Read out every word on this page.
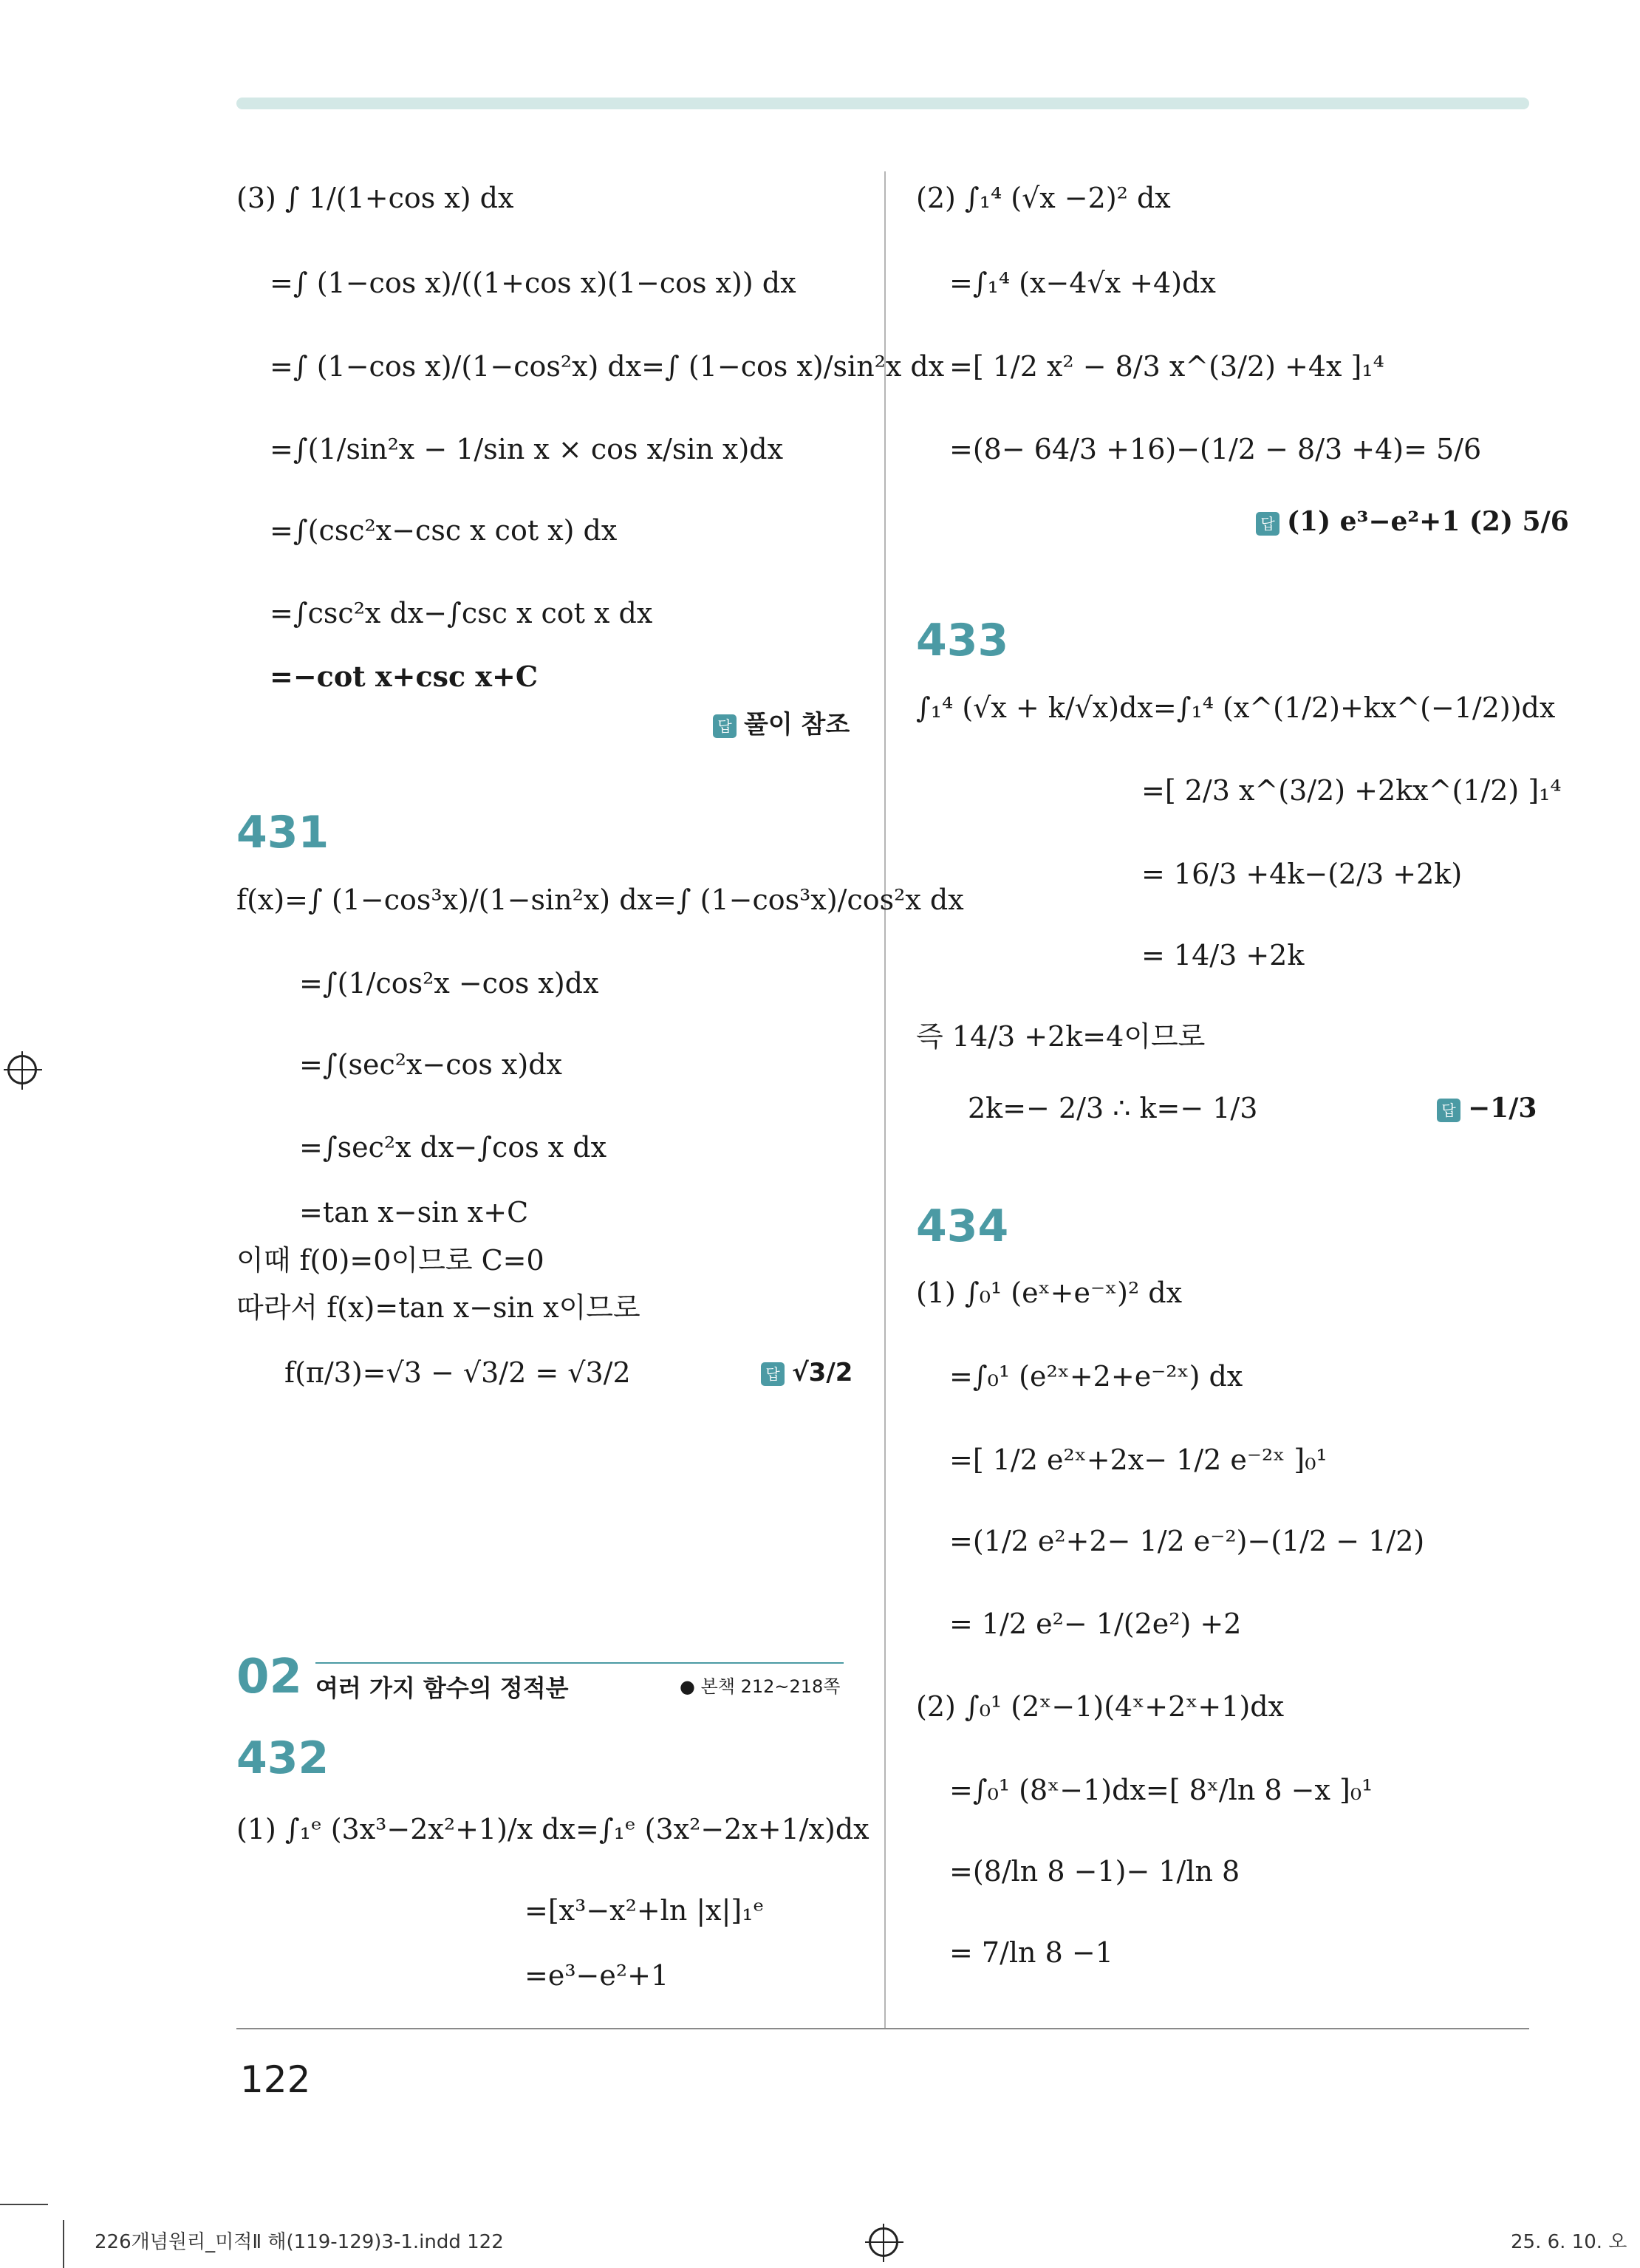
(3) ∫ 1/(1+cos x) dx
=∫ (1−cos x)/((1+cos x)(1−cos x)) dx
=∫ (1−cos x)/(1−cos²x) dx=∫ (1−cos x)/sin²x dx
=∫(1/sin²x − 1/sin x × cos x/sin x)dx
=∫(csc²x−csc x cot x) dx
=∫csc²x dx−∫csc x cot x dx
=−cot x+csc x+C
답 풀이 참조
431
f(x)=∫ (1−cos³x)/(1−sin²x) dx=∫ (1−cos³x)/cos²x dx
=∫(1/cos²x −cos x)dx
=∫(sec²x−cos x)dx
=∫sec²x dx−∫cos x dx
=tan x−sin x+C
이때 f(0)=0이므로 C=0
따라서 f(x)=tan x−sin x이므로
f(π/3)=√3 − √3/2 = √3/2	답 √3/2
02 여러 가지 함수의 정적분	● 본책 212~218쪽
432
(1) ∫₁ᵉ (3x³−2x²+1)/x dx=∫₁ᵉ (3x²−2x+1/x)dx
=[x³−x²+ln |x|]₁ᵉ
=e³−e²+1
(2) ∫₁⁴ (√x −2)² dx
=∫₁⁴ (x−4√x +4)dx
=[ 1/2 x² − 8/3 x^(3/2) +4x ]₁⁴
=(8− 64/3 +16)−(1/2 − 8/3 +4)= 5/6
답 (1) e³−e²+1 (2) 5/6
433
∫₁⁴ (√x + k/√x)dx=∫₁⁴ (x^(1/2)+kx^(−1/2))dx
=[ 2/3 x^(3/2) +2kx^(1/2) ]₁⁴
= 16/3 +4k−(2/3 +2k)
= 14/3 +2k
즉 14/3 +2k=4이므로
2k=− 2/3 ∴ k=− 1/3	답 −1/3
434
(1) ∫₀¹ (eˣ+e⁻ˣ)² dx
=∫₀¹ (e²ˣ+2+e⁻²ˣ) dx
=[ 1/2 e²ˣ+2x− 1/2 e⁻²ˣ ]₀¹
=(1/2 e²+2− 1/2 e⁻²)−(1/2 − 1/2)
= 1/2 e²− 1/(2e²) +2
(2) ∫₀¹ (2ˣ−1)(4ˣ+2ˣ+1)dx
=∫₀¹ (8ˣ−1)dx=[ 8ˣ/ln 8 −x ]₀¹
=(8/ln 8 −1)− 1/ln 8
= 7/ln 8 −1
122
226개념원리_미적Ⅱ 해(119-129)3-1.indd 122	25. 6. 10. 오
